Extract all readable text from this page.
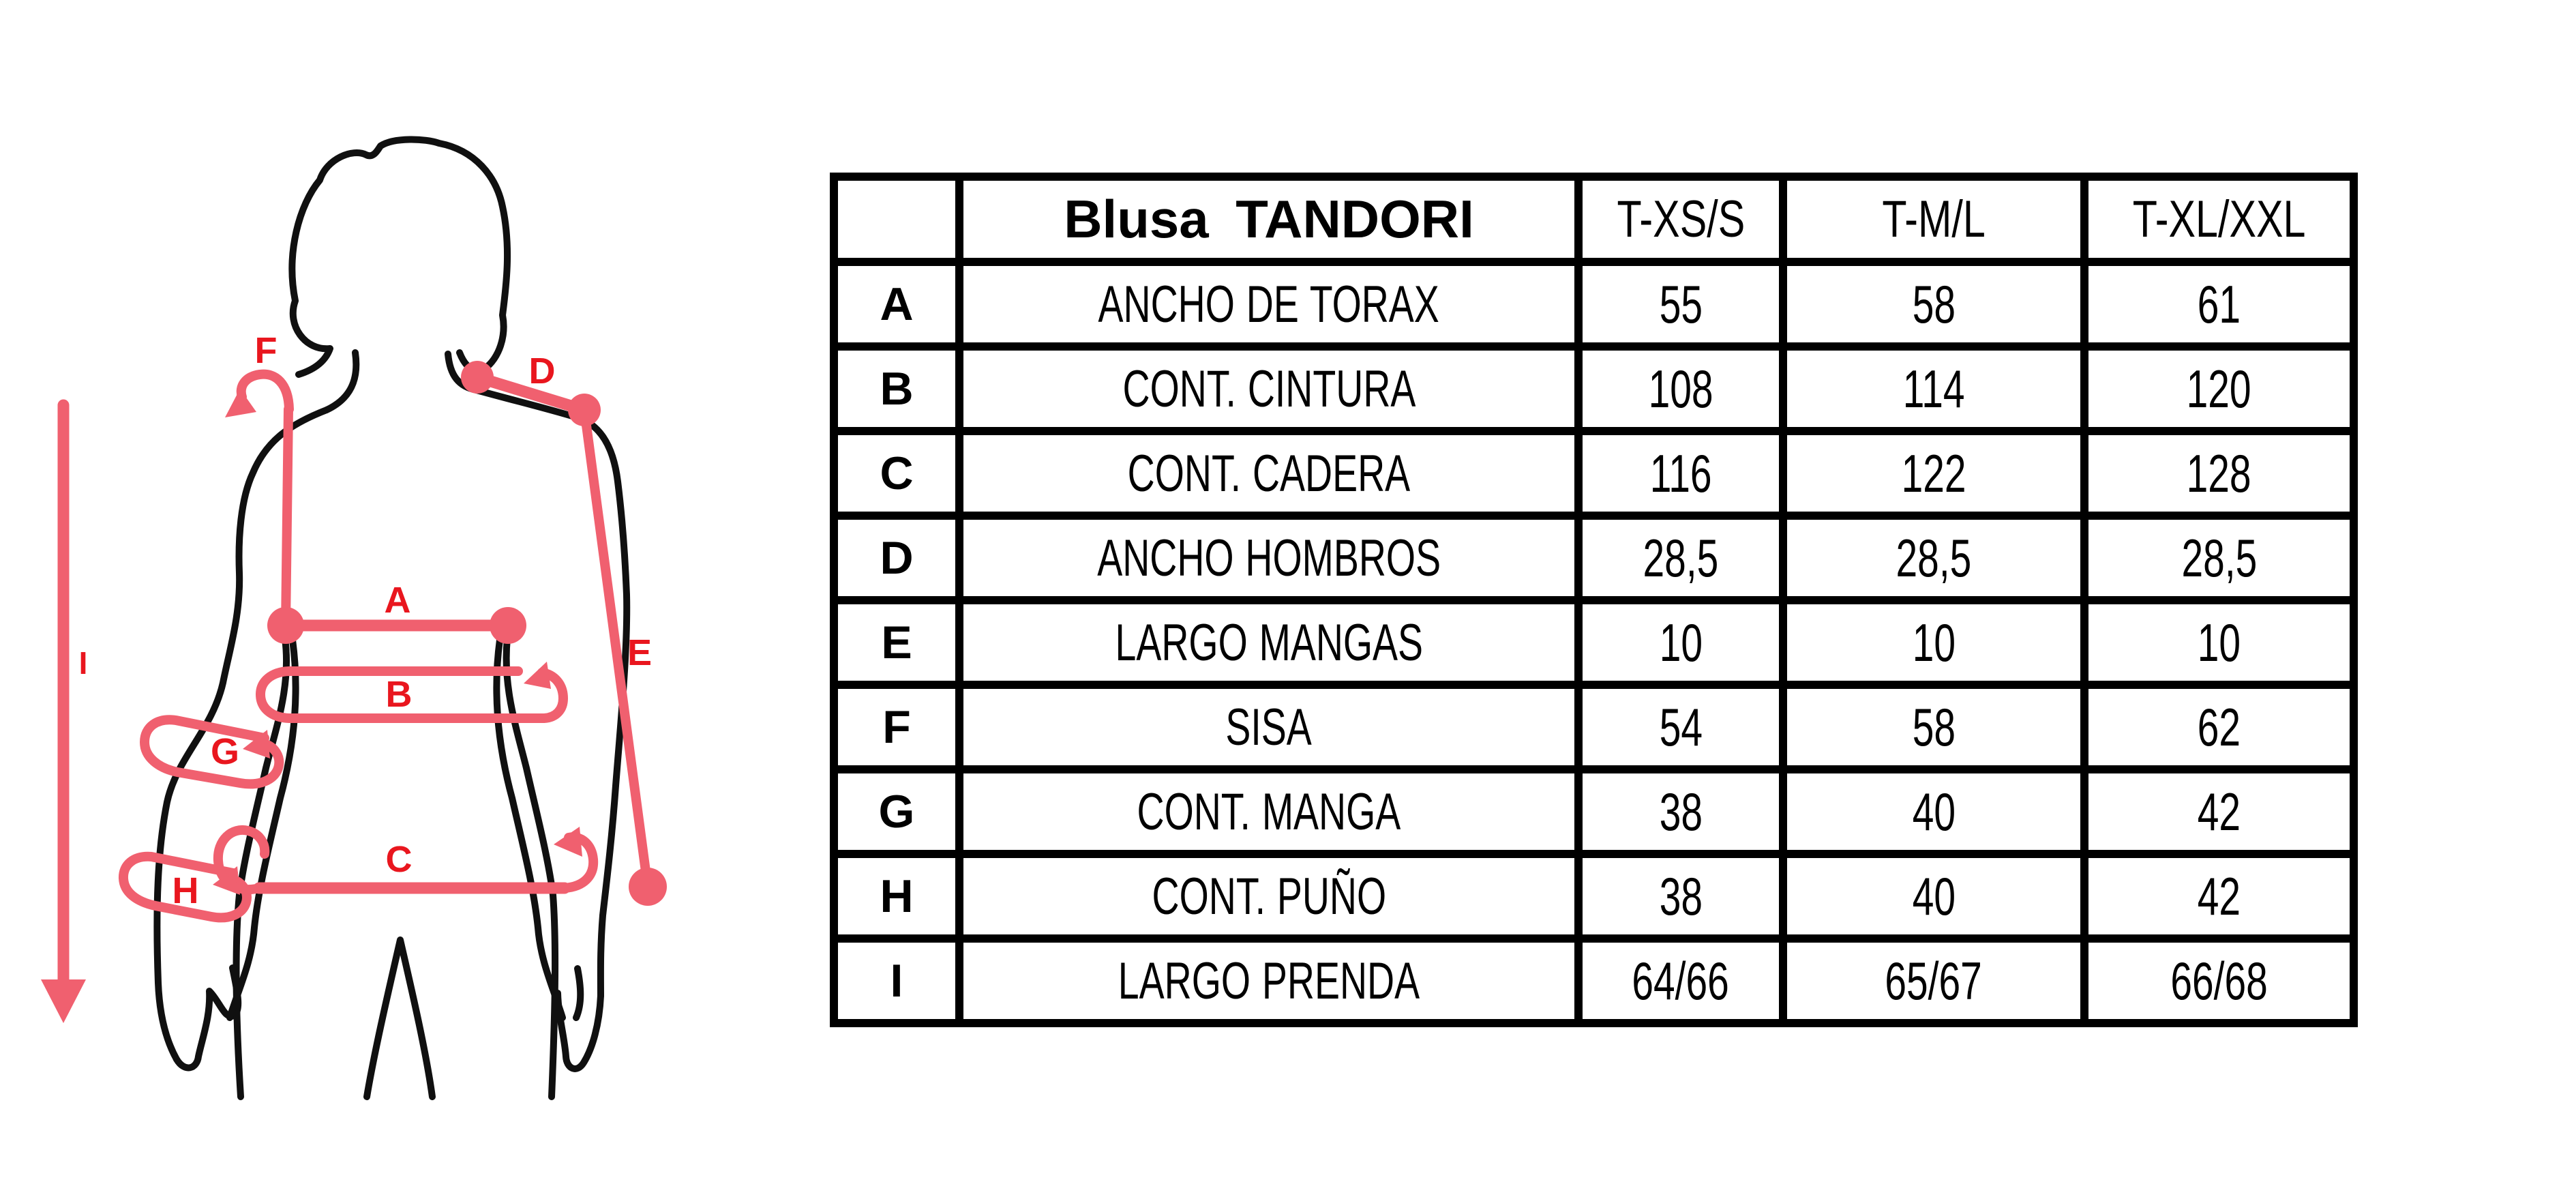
A
B
C
D
E
F
G
H
I
	Blusa TANDORI	T-XS/S	T-M/L	T-XL/XXL
A	ANCHO DE TORAX	55	58	61
B	CONT. CINTURA	108	114	120
C	CONT. CADERA	116	122	128
D	ANCHO HOMBROS	28,5	28,5	28,5
E	LARGO MANGAS	10	10	10
F	SISA	54	58	62
G	CONT. MANGA	38	40	42
H	CONT. PUÑO	38	40	42
I	LARGO PRENDA	64/66	65/67	66/68
